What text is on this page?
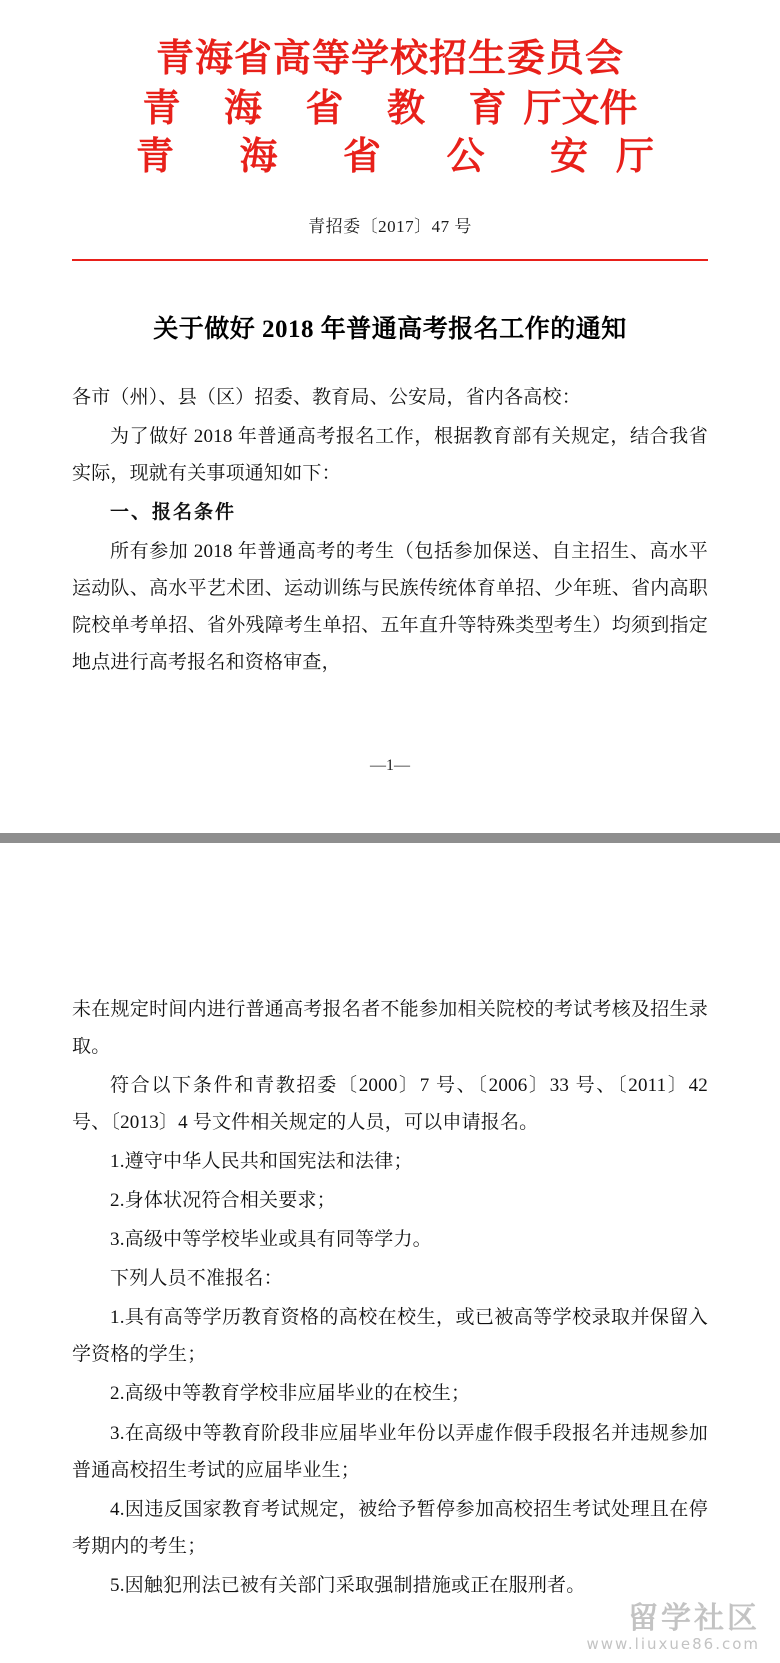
青海省高等学校招生委员会
青 海 省 教 育厅文件
青 海 省 公 安厅
青招委〔2017〕47 号
关于做好 2018 年普通高考报名工作的通知

各市（州）、县（区）招委、教育局、公安局，省内各高校：

为了做好 2018 年普通高考报名工作，根据教育部有关规定，结合我省实际，现就有关事项通知如下：

一、报名条件

所有参加 2018 年普通高考的考生（包括参加保送、自主招生、高水平运动队、高水平艺术团、运动训练与民族传统体育单招、少年班、省内高职院校单考单招、省外残障考生单招、五年直升等特殊类型考生）均须到指定地点进行高考报名和资格审查，

—1—

未在规定时间内进行普通高考报名者不能参加相关院校的考试考核及招生录取。

符合以下条件和青教招委〔2000〕7 号、〔2006〕33 号、〔2011〕42 号、〔2013〕4 号文件相关规定的人员，可以申请报名。

1.遵守中华人民共和国宪法和法律；

2.身体状况符合相关要求；

3.高级中等学校毕业或具有同等学力。

下列人员不准报名：

1.具有高等学历教育资格的高校在校生，或已被高等学校录取并保留入学资格的学生；

2.高级中等教育学校非应届毕业的在校生；

3.在高级中等教育阶段非应届毕业年份以弄虚作假手段报名并违规参加普通高校招生考试的应届毕业生；

4.因违反国家教育考试规定，被给予暂停参加高校招生考试处理且在停考期内的考生；

5.因触犯刑法已被有关部门采取强制措施或正在服刑者。

留学社区
www.liuxue86.com
